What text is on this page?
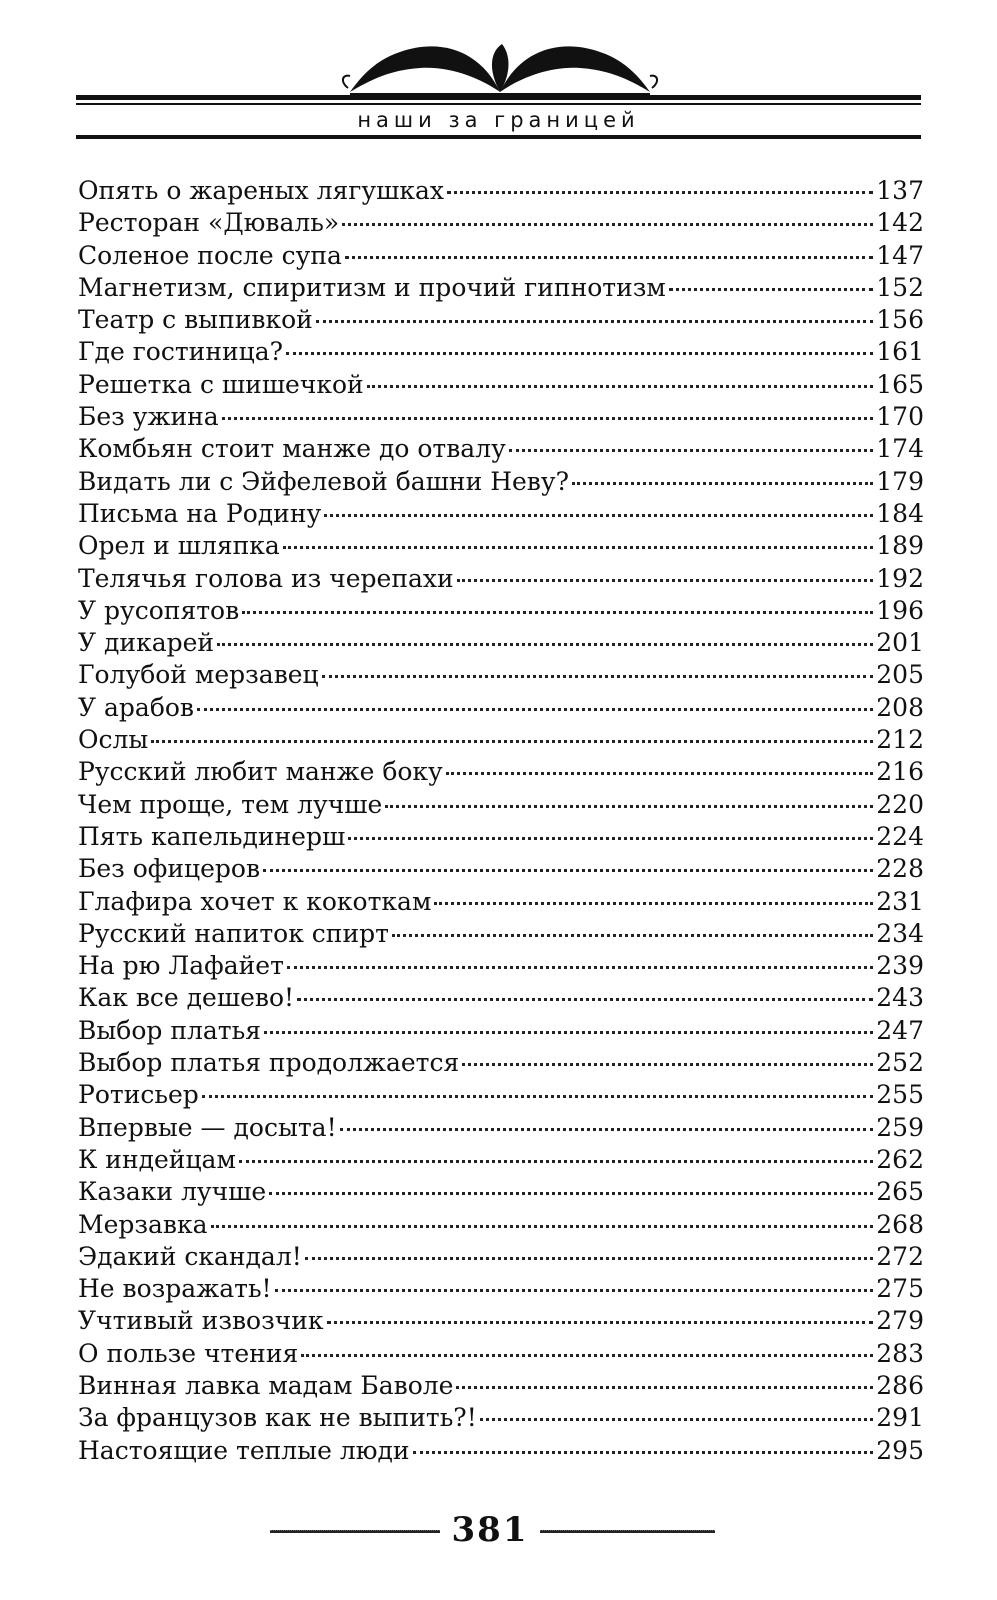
наши за границей
Опять о жареных лягушках	137
Ресторан «Дюваль»	142
Соленое после супа	147
Магнетизм, спиритизм и прочий гипнотизм	152
Театр с выпивкой	156
Где гостиница?	161
Решетка с шишечкой	165
Без ужина	170
Комбьян стоит манже до отвалу	174
Видать ли с Эйфелевой башни Неву?	179
Письма на Родину	184
Орел и шляпка	189
Телячья голова из черепахи	192
У русопятов	196
У дикарей	201
Голубой мерзавец	205
У арабов	208
Ослы	212
Русский любит манже боку	216
Чем проще, тем лучше	220
Пять капельдинерш	224
Без офицеров	228
Глафира хочет к кокоткам	231
Русский напиток спирт	234
На рю Лафайет	239
Как все дешево!	243
Выбор платья	247
Выбор платья продолжается	252
Ротисьер	255
Впервые — досыта!	259
К индейцам	262
Казаки лучше	265
Мерзавка	268
Эдакий скандал!	272
Не возражать!	275
Учтивый извозчик	279
О пользе чтения	283
Винная лавка мадам Баволе	286
За французов как не выпить?!	291
Настоящие теплые люди	295
381
